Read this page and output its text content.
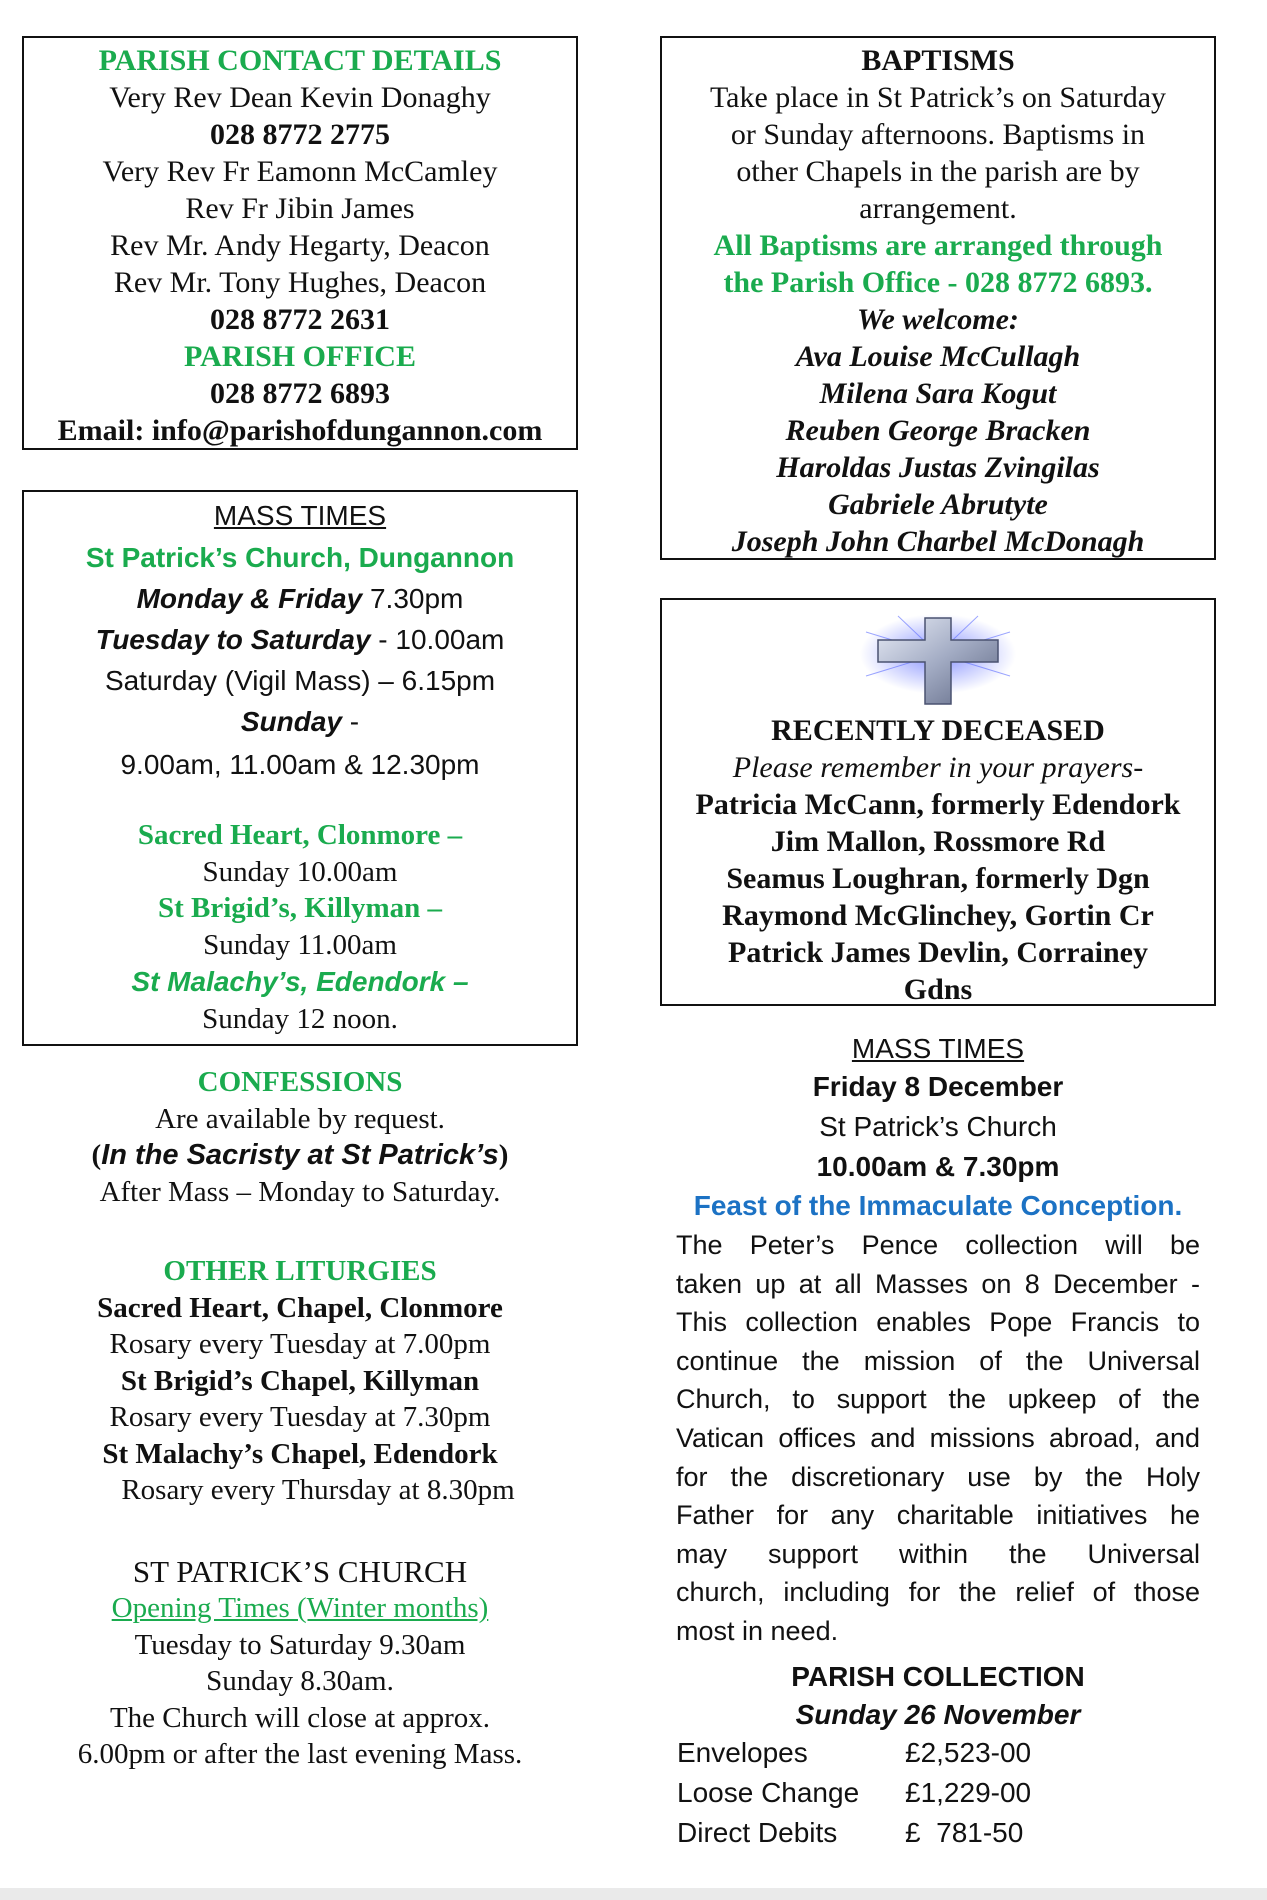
PARISH CONTACT DETAILS
Very Rev Dean Kevin Donaghy
028 8772 2775
Very Rev Fr Eamonn McCamley
Rev Fr Jibin James
Rev Mr. Andy Hegarty, Deacon
Rev Mr. Tony Hughes, Deacon
028 8772 2631
PARISH OFFICE
028 8772 6893
Email: info@parishofdungannon.com
MASS TIMES
St Patrick’s Church, Dungannon
Monday & Friday 7.30pm
Tuesday to Saturday - 10.00am
Saturday (Vigil Mass) – 6.15pm
Sunday -
9.00am, 11.00am & 12.30pm
Sacred Heart, Clonmore –
Sunday 10.00am
St Brigid’s, Killyman –
Sunday 11.00am
St Malachy’s, Edendork –
Sunday 12 noon.
CONFESSIONS
Are available by request.
(In the Sacristy at St Patrick’s)
After Mass – Monday to Saturday.
OTHER LITURGIES
Sacred Heart, Chapel, Clonmore
Rosary every Tuesday at 7.00pm
St Brigid’s Chapel, Killyman
Rosary every Tuesday at 7.30pm
St Malachy’s Chapel, Edendork
Rosary every Thursday at 8.30pm
ST PATRICK’S CHURCH
Opening Times (Winter months)
Tuesday to Saturday 9.30am
Sunday 8.30am.
The Church will close at approx.
6.00pm or after the last evening Mass.
BAPTISMS
Take place in St Patrick’s on Saturday
or Sunday afternoons. Baptisms in
other Chapels in the parish are by
arrangement.
All Baptisms are arranged through
the Parish Office - 028 8772 6893.
We welcome:
Ava Louise McCullagh
Milena Sara Kogut
Reuben George Bracken
Haroldas Justas Zvingilas
Gabriele Abrutyte
Joseph John Charbel McDonagh
RECENTLY DECEASED
Please remember in your prayers-
Patricia McCann, formerly Edendork
Jim Mallon, Rossmore Rd
Seamus Loughran, formerly Dgn
Raymond McGlinchey, Gortin Cr
Patrick James Devlin, Corrainey
Gdns
MASS TIMES
Friday 8 December
St Patrick’s Church
10.00am & 7.30pm
Feast of the Immaculate Conception.
The Peter’s Pence collection will be
taken up at all Masses on 8 December -
This collection enables Pope Francis to
continue the mission of the Universal
Church, to support the upkeep of the
Vatican offices and missions abroad, and
for the discretionary use by the Holy
Father for any charitable initiatives he
may support within the Universal
church, including for the relief of those
most in need.
PARISH COLLECTION
Sunday 26 November
Envelopes	£2,523-00
Loose Change £1,229-00
Direct Debits £  781-50
